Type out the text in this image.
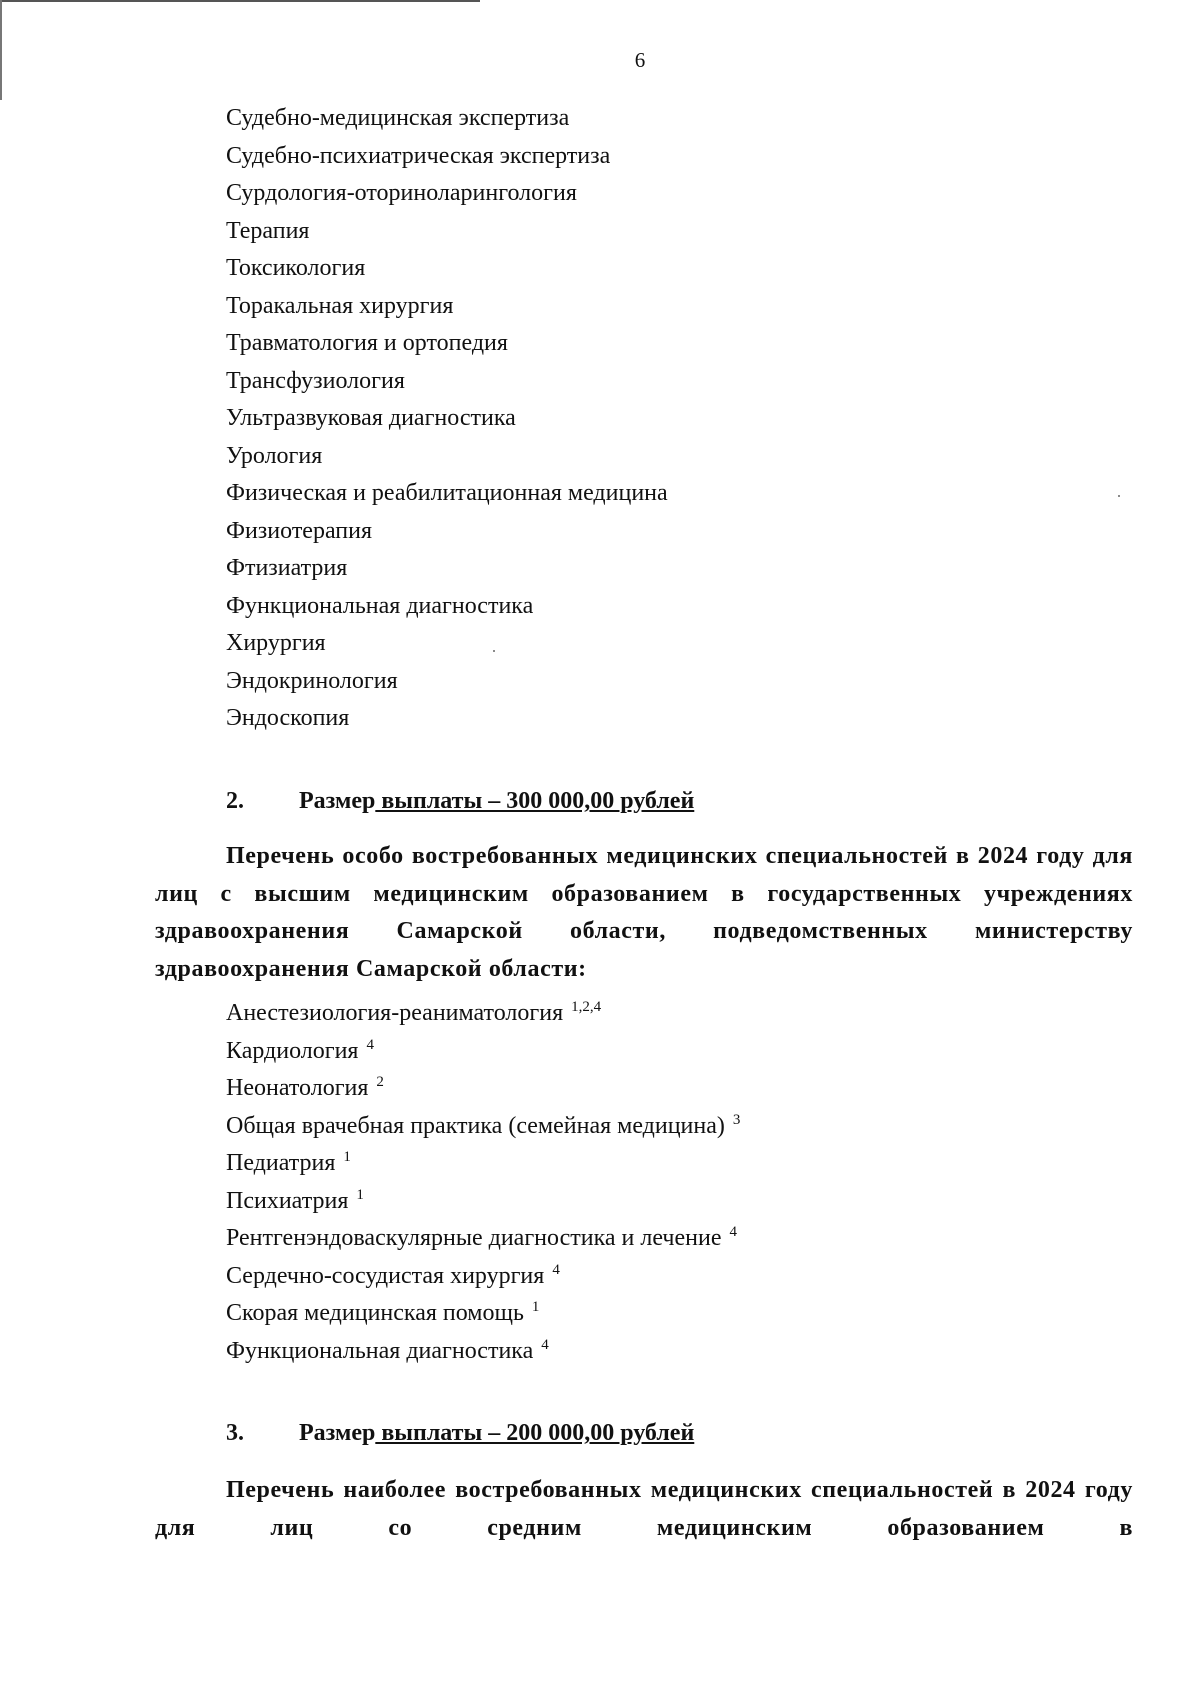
6
Судебно-медицинская экспертиза
Судебно-психиатрическая экспертиза
Сурдология-оториноларингология
Терапия
Токсикология
Торакальная хирургия
Травматология и ортопедия
Трансфузиология
Ультразвуковая диагностика
Урология
Физическая и реабилитационная медицина
Физиотерапия
Фтизиатрия
Функциональная диагностика
Хирургия
Эндокринология
Эндоскопия
2. Размер выплаты – 300 000,00 рублей
Перечень особо востребованных медицинских специальностей в 2024 году для лиц с высшим медицинским образованием в государственных учреждениях здравоохранения Самарской области, подведомственных министерству здравоохранения Самарской области:
Анестезиология-реаниматология $^{1,2,4}$
Кардиология $^4$
Неонатология $^2$
Общая врачебная практика (семейная медицина) $^3$
Педиатрия $^1$
Психиатрия $^1$
Рентгенэндоваскулярные диагностика и лечение $^4$
Сердечно-сосудистая хирургия $^4$
Скорая медицинская помощь $^1$
Функциональная диагностика $^4$
3. Размер выплаты – 200 000,00 рублей
Перечень наиболее востребованных медицинских специальностей в 2024 году для лиц со средним медицинским образованием в
